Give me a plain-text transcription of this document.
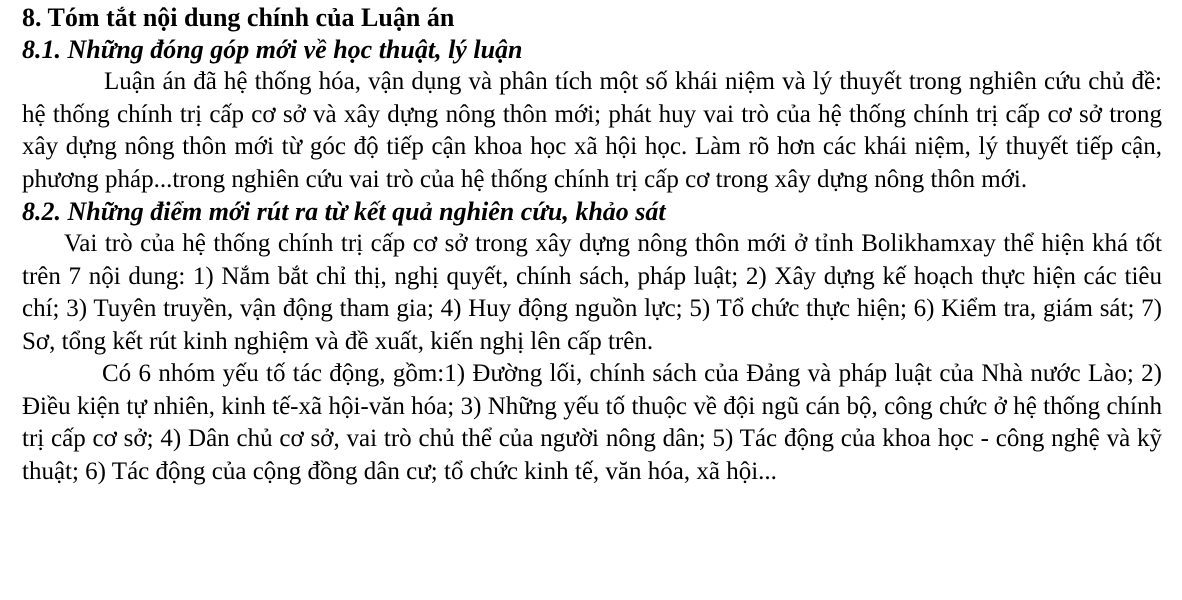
8. Tóm tắt nội dung chính của Luận án
8.1. Những đóng góp mới về học thuật, lý luận

Luận án đã hệ thống hóa, vận dụng và phân tích một số khái niệm và lý thuyết trong nghiên cứu chủ đề: hệ thống chính trị cấp cơ sở và xây dựng nông thôn mới; phát huy vai trò của hệ thống chính trị cấp cơ sở trong xây dựng nông thôn mới từ góc độ tiếp cận khoa học xã hội học. Làm rõ hơn các khái niệm, lý thuyết tiếp cận, phương pháp...trong nghiên cứu vai trò của hệ thống chính trị cấp cơ trong xây dựng nông thôn mới.

8.2. Những điểm mới rút ra từ kết quả nghiên cứu, khảo sát

Vai trò của hệ thống chính trị cấp cơ sở trong xây dựng nông thôn mới ở tỉnh Bolikhamxay thể hiện khá tốt trên 7 nội dung: 1) Nắm bắt chỉ thị, nghị quyết, chính sách, pháp luật; 2) Xây dựng kế hoạch thực hiện các tiêu chí; 3) Tuyên truyền, vận động tham gia; 4) Huy động nguồn lực; 5) Tổ chức thực hiện; 6) Kiểm tra, giám sát; 7) Sơ, tổng kết rút kinh nghiệm và đề xuất, kiến nghị lên cấp trên.

Có 6 nhóm yếu tố tác động, gồm:1) Đường lối, chính sách của Đảng và pháp luật của Nhà nước Lào; 2) Điều kiện tự nhiên, kinh tế-xã hội-văn hóa; 3) Những yếu tố thuộc về đội ngũ cán bộ, công chức ở hệ thống chính trị cấp cơ sở; 4) Dân chủ cơ sở, vai trò chủ thể của người nông dân; 5) Tác động của khoa học - công nghệ và kỹ thuật; 6) Tác động của cộng đồng dân cư; tổ chức kinh tế, văn hóa, xã hội...
